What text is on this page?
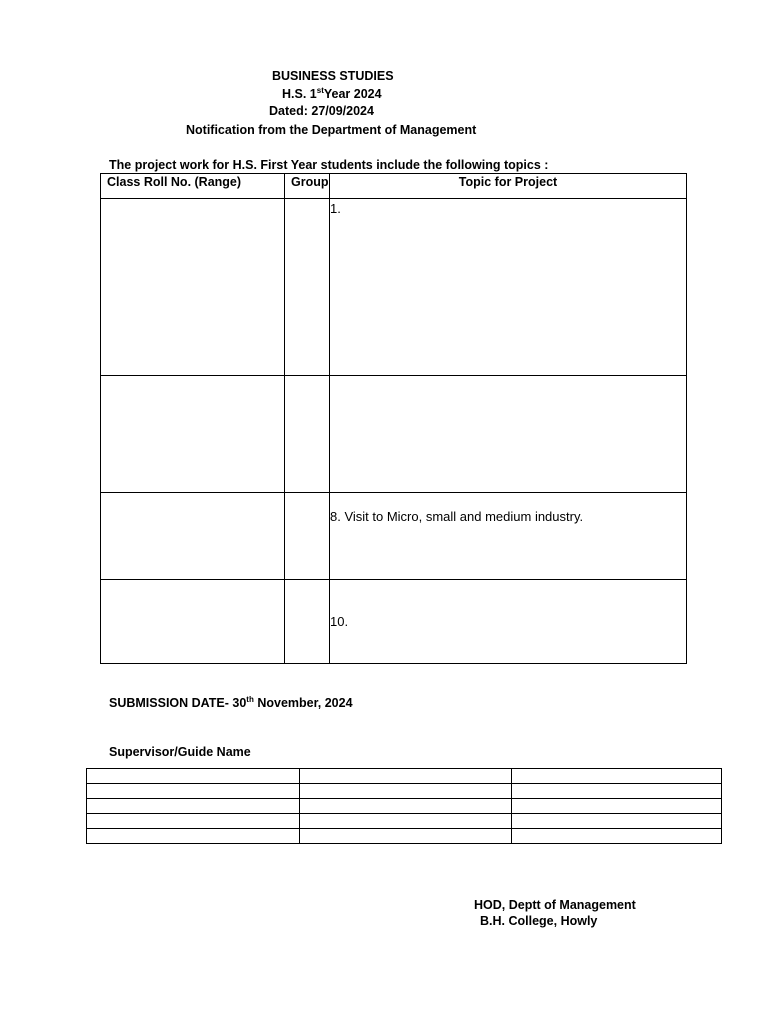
BUSINESS STUDIES
H.S. 1stYear 2024
Dated: 27/09/2024
Notification from the Department of Management
The project work for H.S. First Year students include the following topics :
Class Roll No. (Range)	Group	Topic for Project

		1.

		8. Visit to Micro, small and medium industry.

		10.
SUBMISSION DATE- 30th November, 2024
Supervisor/Guide Name

HOD, Deptt of Management
B.H. College, Howly
